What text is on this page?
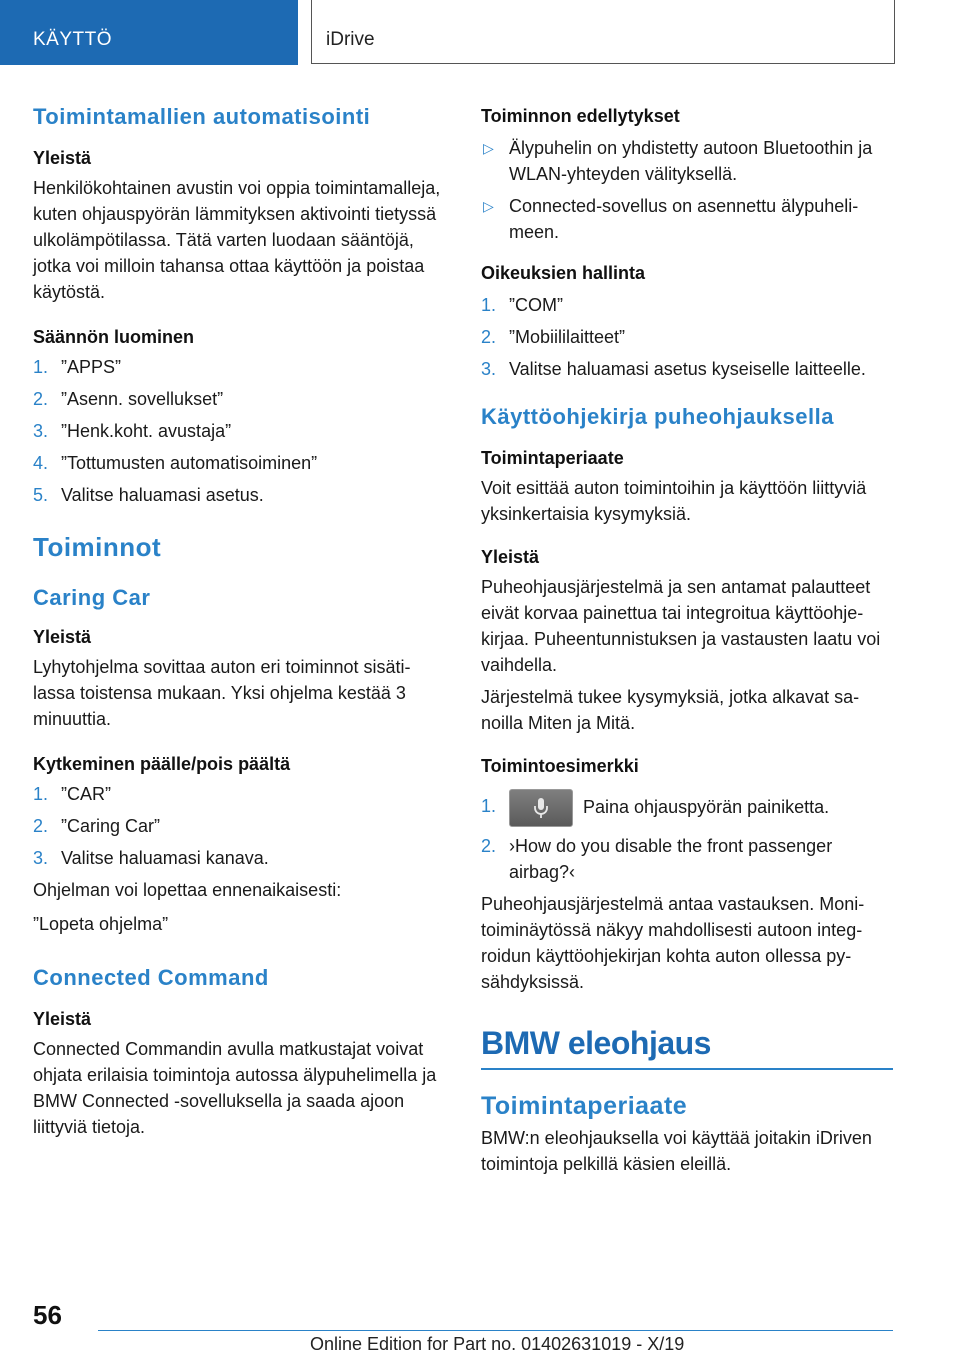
KÄYTTÖ	iDrive
Toimintamallien automatisointi

Yleistä

Henkilökohtainen avustin voi oppia toimintamalleja, kuten ohjauspyörän lämmityksen aktivointi tietyssä ulkolämpötilassa. Tätä varten luodaan sääntöjä, jotka voi milloin tahansa ottaa käyttöön ja poistaa käytöstä.

Säännön luominen

1. ”APPS”
2. ”Asenn. sovellukset”
3. ”Henk.koht. avustaja”
4. ”Tottumusten automatisoiminen”
5. Valitse haluamasi asetus.
Toiminnot
Caring Car

Yleistä

Lyhytohjelma sovittaa auton eri toiminnot sisätilassa toistensa mukaan. Yksi ohjelma kestää 3 minuuttia.

Kytkeminen päälle/pois päältä

1. ”CAR”
2. ”Caring Car”
3. Valitse haluamasi kanava.

Ohjelman voi lopettaa ennenaikaisesti:

”Lopeta ohjelma”

Connected Command

Yleistä

Connected Commandin avulla matkustajat voivat ohjata erilaisia toimintoja autossa älypuhelimella ja BMW Connected -sovelluksella ja saada ajoon liittyviä tietoja.

Toiminnon edellytykset

▷ Älypuhelin on yhdistetty autoon Bluetoothin ja WLAN-yhteyden välityksellä.
▷ Connected-sovellus on asennettu älypuhelimeen.

Oikeuksien hallinta

1. ”COM”
2. ”Mobiililaitteet”
3. Valitse haluamasi asetus kyseiselle laitteelle.
Käyttöohjekirja puheohjauksella

Toimintaperiaate

Voit esittää auton toimintoihin ja käyttöön liittyviä yksinkertaisia kysymyksiä.

Yleistä

Puheohjausjärjestelmä ja sen antamat palautteet eivät korvaa painettua tai integroitua käyttöohjekirjaa. Puheentunnistuksen ja vastausten laatu voi vaihdella.

Järjestelmä tukee kysymyksiä, jotka alkavat sanoilla Miten ja Mitä.

Toimintoesimerkki

1.	Paina ohjauspyörän painiketta.
2. ›How do you disable the front passenger airbag?‹

Puheohjausjärjestelmä antaa vastauksen. Monitoiminäytössä näkyy mahdollisesti autoon integroidun käyttöohjekirjan kohta auton ollessa pysähdyksissä.

BMW eleohjaus
Toimintaperiaate

BMW:n eleohjauksella voi käyttää joitakin iDriven toimintoja pelkillä käsien eleillä.

56
Online Edition for Part no. 01402631019 - X/19
